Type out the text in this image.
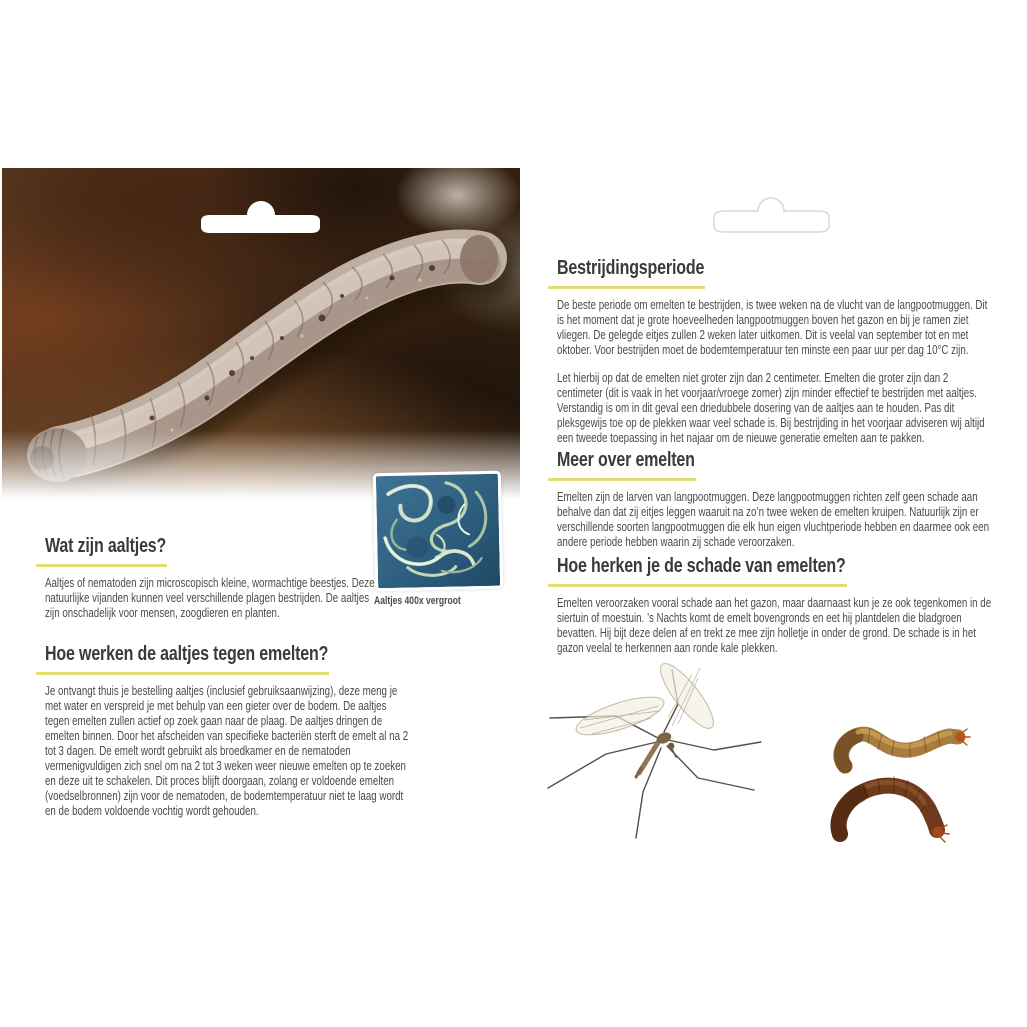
Aaltjes 400x vergroot
Wat zijn aaltjes?

Aaltjes of nematoden zijn microscopisch kleine, wormachtige beestjes. Deze natuurlijke vijanden kunnen veel verschillende plagen bestrijden. De aaltjes zijn onschadelijk voor mensen, zoogdieren en planten.

Hoe werken de aaltjes tegen emelten?

Je ontvangt thuis je bestelling aaltjes (inclusief gebruiksaanwijzing), deze meng je met water en verspreid je met behulp van een gieter over de bodem. De aaltjes tegen emelten zullen actief op zoek gaan naar de plaag. De aaltjes dringen de emelten binnen. Door het afscheiden van specifieke bacteriën sterft de emelt al na 2 tot 3 dagen. De emelt wordt gebruikt als broedkamer en de nematoden vermenigvuldigen zich snel om na 2 tot 3 weken weer nieuwe emelten op te zoeken en deze uit te schakelen. Dit proces blijft doorgaan, zolang er voldoende emelten (voedselbronnen) zijn voor de nematoden, de bodemtemperatuur niet te laag wordt en de bodem voldoende vochtig wordt gehouden.

Bestrijdingsperiode

De beste periode om emelten te bestrijden, is twee weken na de vlucht van de langpootmuggen. Dit is het moment dat je grote hoeveelheden langpootmuggen boven het gazon en bij je ramen ziet vliegen. De gelegde eitjes zullen 2 weken later uitkomen. Dit is veelal van september tot en met oktober. Voor bestrijden moet de bodemtemperatuur ten minste een paar uur per dag 10°C zijn.

Let hierbij op dat de emelten niet groter zijn dan 2 centimeter. Emelten die groter zijn dan 2 centimeter (dit is vaak in het voorjaar/vroege zomer) zijn minder effectief te bestrijden met aaltjes. Verstandig is om in dit geval een driedubbele dosering van de aaltjes aan te houden. Pas dit pleksgewijs toe op de plekken waar veel schade is. Bij bestrijding in het voorjaar adviseren wij altijd een tweede toepassing in het najaar om de nieuwe generatie emelten aan te pakken.

Meer over emelten

Emelten zijn de larven van langpootmuggen. Deze langpootmuggen richten zelf geen schade aan behalve dan dat zij eitjes leggen waaruit na zo’n twee weken de emelten kruipen. Natuurlijk zijn er verschillende soorten langpootmuggen die elk hun eigen vluchtperiode hebben en daarmee ook een andere periode hebben waarin zij schade veroorzaken.

Hoe herken je de schade van emelten?

Emelten veroorzaken vooral schade aan het gazon, maar daarnaast kun je ze ook tegenkomen in de siertuin of moestuin. ’s Nachts komt de emelt bovengronds en eet hij plantdelen die bladgroen bevatten. Hij bijt deze delen af en trekt ze mee zijn holletje in onder de grond. De schade is in het gazon veelal te herkennen aan ronde kale plekken.
